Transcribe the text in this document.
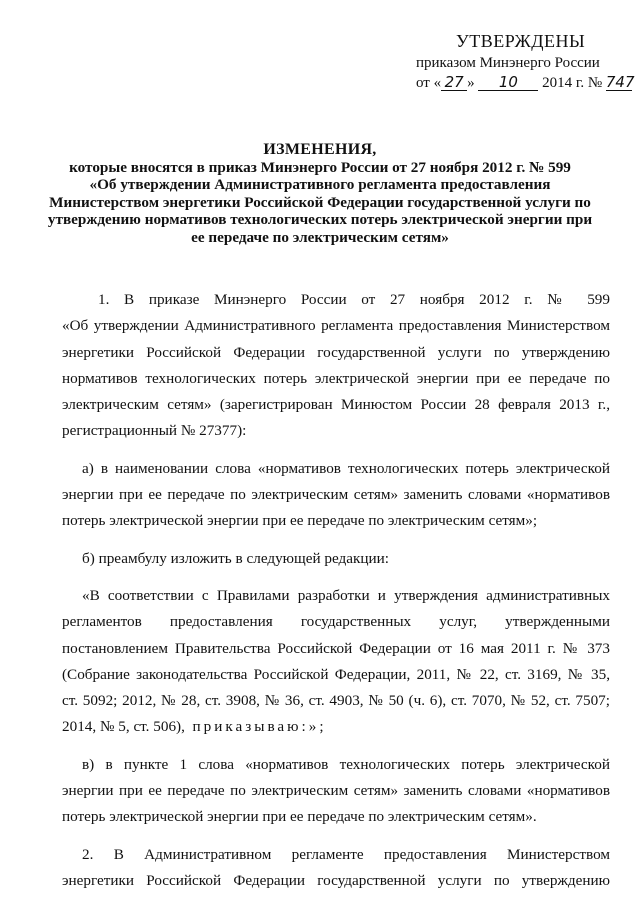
УТВЕРЖДЕНЫ
приказом Минэнерго России
от « 27 » 10 2014 г. № 747
ИЗМЕНЕНИЯ,
которые вносятся в приказ Минэнерго России от 27 ноября 2012 г. № 599
«Об утверждении Административного регламента предоставления
Министерством энергетики Российской Федерации государственной услуги по
утверждению нормативов технологических потерь электрической энергии при
ее передаче по электрическим сетям»
1. В приказе Минэнерго России от 27 ноября 2012 г. № 599
«Об утверждении Административного регламента предоставления Министерством
энергетики Российской Федерации государственной услуги по утверждению
нормативов технологических потерь электрической энергии при ее передаче по
электрическим сетям» (зарегистрирован Минюстом России 28 февраля 2013 г.,
регистрационный № 27377):
а) в наименовании слова «нормативов технологических потерь электрической
энергии при ее передаче по электрическим сетям» заменить словами «нормативов
потерь электрической энергии при ее передаче по электрическим сетям»;
б) преамбулу изложить в следующей редакции:
«В соответствии с Правилами разработки и утверждения административных
регламентов предоставления государственных услуг, утвержденными
постановлением Правительства Российской Федерации от 16 мая 2011 г. № 373
(Собрание законодательства Российской Федерации, 2011, № 22, ст. 3169, № 35,
ст. 5092; 2012, № 28, ст. 3908, № 36, ст. 4903, № 50 (ч. 6), ст. 7070, № 52, ст. 7507;
2014, № 5, ст. 506), приказываю:»;
в) в пункте 1 слова «нормативов технологических потерь электрической
энергии при ее передаче по электрическим сетям» заменить словами «нормативов
потерь электрической энергии при ее передаче по электрическим сетям».
2. В Административном регламенте предоставления Министерством
энергетики Российской Федерации государственной услуги по утверждению
